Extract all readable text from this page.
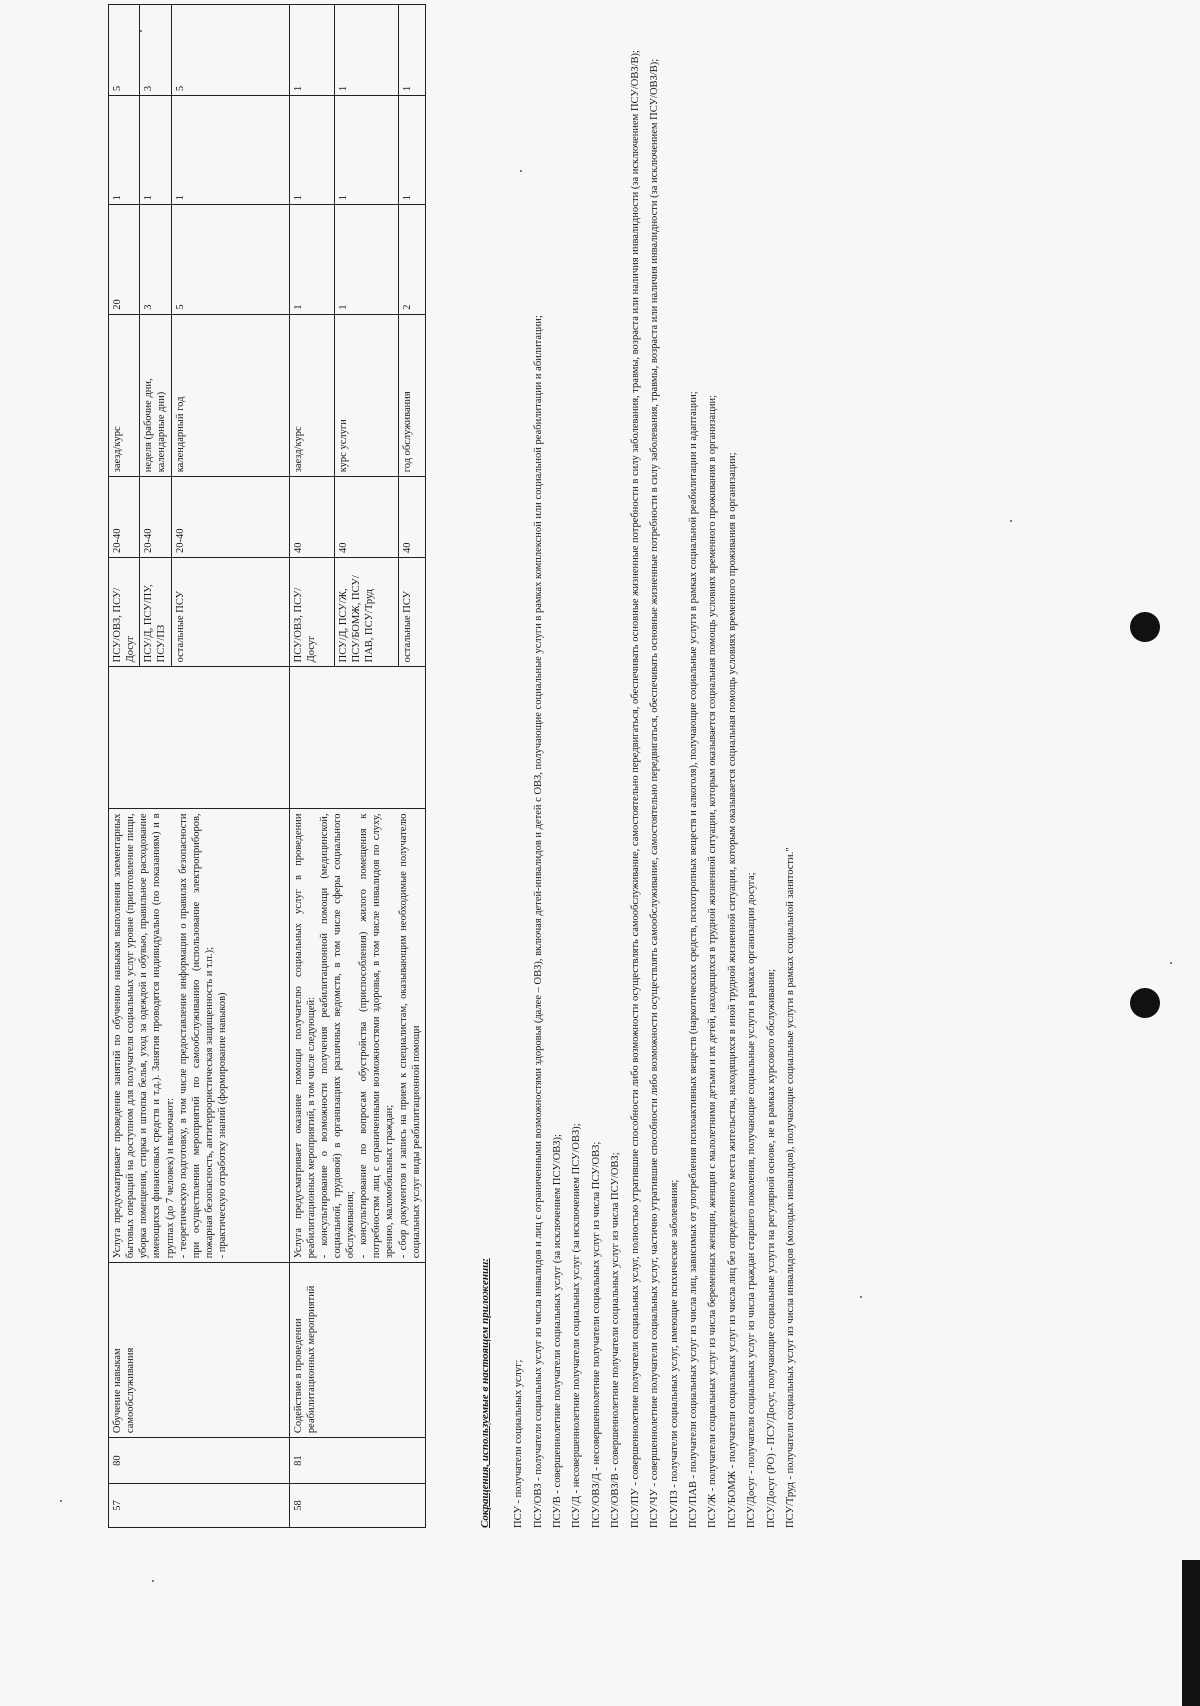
57	80	Обучение навыкам самообслуживания	Услуга предусматривает проведение занятий по обучению навыкам выполнения элементарных бытовых операций на доступном для получателя социальных услуг уровне (приготовление пищи, уборка помещения, стирка и штопка белья, уход за одеждой и обувью, правильное расходование имеющихся финансовых средств и т.д.). Занятия проводятся индивидуально (по показаниям) и в группах (до 7 человек) и включают: - теоретическую подготовку, в том числе предоставление информации о правилах безопасности при осуществлении мероприятий по самообслуживанию (использование электроприборов, пожарная безопасность, антитеррористическая защищенность и т.п.); - практическую отработку знаний (формирование навыков)		ПСУ/ОВЗ, ПСУ/Досуг	20-40	заезд/курс	20	1	5
					ПСУ/Д, ПСУ/ПУ, ПСУ/ПЗ	20-40	неделя (рабочие дни, календарные дни)	3	1	3
					остальные ПСУ	20-40	календарный год	5	1	5
58	81	Содействие в проведении реабилитационных мероприятий	Услуга предусматривает оказание помощи получателю социальных услуг в проведении реабилитационных мероприятий, в том числе следующей: - консультирование о возможности получения реабилитационной помощи (медицинской, социальной, трудовой) в организациях различных ведомств, в том числе сферы социального обслуживания; - консультирование по вопросам обустройства (приспособления) жилого помещения к потребностям лиц с ограниченными возможностями здоровья, в том числе инвалидов по слуху, зрению, маломобильных граждан; - сбор документов и запись на прием к специалистам, оказывающим необходимые получателю социальных услуг виды реабилитационной помощи		ПСУ/ОВЗ, ПСУ/Досуг	40	заезд/курс	1	1	1
					ПСУ/Д, ПСУ/Ж, ПСУ/БОМЖ, ПСУ/ПАВ, ПСУ/Труд	40	курс услуги	1	1	1
					остальные ПСУ	40	год обслуживания	2	1	1
Сокращения, используемые в настоящем приложении: ПСУ - получатели социальных услуг; ПСУ/ОВЗ - получатели социальных услуг из числа инвалидов и лиц с ограниченными возможностями здоровья (далее – ОВЗ), включая детей-инвалидов и детей с ОВЗ, получающие социальные услуги в рамках комплексной или социальной реабилитации и абилитации; ПСУ/В - совершеннолетние получатели социальных услуг (за исключением ПСУ/ОВЗ); ПСУ/Д - несовершеннолетние получатели социальных услуг (за исключением ПСУ/ОВЗ); ПСУ/ОВЗ/Д - несовершеннолетние получатели социальных услуг из числа ПСУ/ОВЗ; ПСУ/ОВЗ/В - совершеннолетние получатели социальных услуг из числа ПСУ/ОВЗ; ПСУ/ПУ - совершеннолетние получатели социальных услуг, полностью утратившие способности либо возможности осуществлять самообслуживание, самостоятельно передвигаться, обеспечивать основные жизненные потребности в силу заболевания, травмы, возраста или наличия инвалидности (за исключением ПСУ/ОВЗ/В); ПСУ/ЧУ - совершеннолетние получатели социальных услуг, частично утратившие способности либо возможности осуществлять самообслуживание, самостоятельно передвигаться, обеспечивать основные жизненные потребности в силу заболевания, травмы, возраста или наличия инвалидности (за исключением ПСУ/ОВЗ/В); ПСУ/ПЗ - получатели социальных услуг, имеющие психические заболевания; ПСУ/ПАВ - получатели социальных услуг из числа лиц, зависимых от употребления психоактивных веществ (наркотических средств, психотропных веществ и алкоголя), получающие социальные услуги в рамках социальной реабилитации и адаптации; ПСУ/Ж - получатели социальных услуг из числа беременных женщин, женщин с малолетними детьми и их детей, находящихся в трудной жизненной ситуации, которым оказывается социальная помощь условиях временного проживания в организации; ПСУ/БОМЖ - получатели социальных услуг из числа лиц без определенного места жительства, находящихся в иной трудной жизненной ситуации, которым оказывается социальная помощь условиях временного проживания в организации; ПСУ/Досуг - получатели социальных услуг из числа граждан старшего поколения, получающие социальные услуги в рамках организации досуга; ПСУ/Досуг (РО) - ПСУ/Досуг, получающие социальные услуги на регулярной основе, не в рамках курсового обслуживания; ПСУ/Труд - получатели социальных услуг из числа инвалидов (молодых инвалидов), получающие социальные услуги в рамках социальной занятости."
